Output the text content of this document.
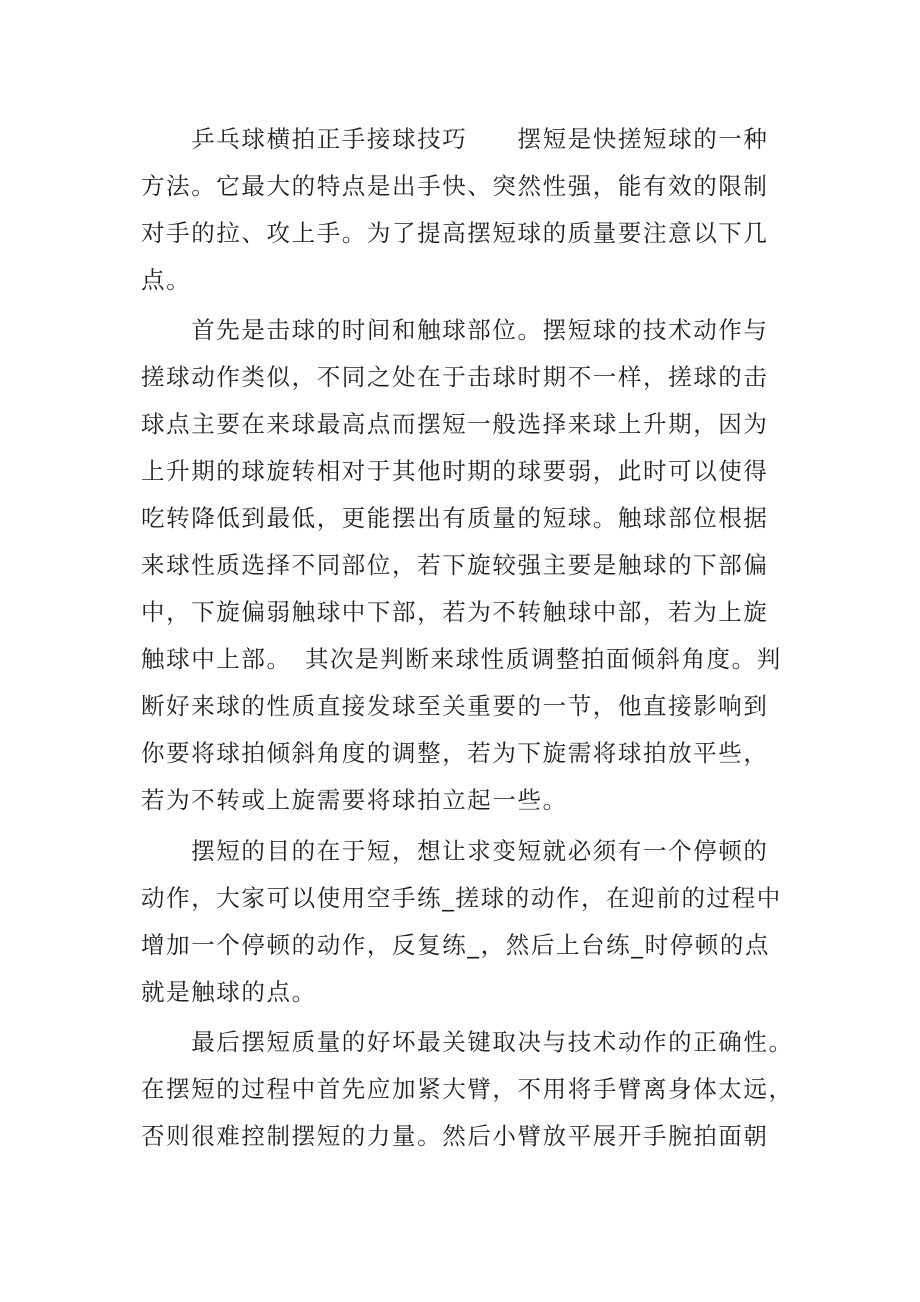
　　乒乓球横拍正手接球技巧　　摆短是快搓短球的一种
方法。它最大的特点是出手快、突然性强，能有效的限制
对手的拉、攻上手。为了提高摆短球的质量要注意以下几
点。
　　首先是击球的时间和触球部位。摆短球的技术动作与
搓球动作类似，不同之处在于击球时期不一样，搓球的击
球点主要在来球最高点而摆短一般选择来球上升期，因为
上升期的球旋转相对于其他时期的球要弱，此时可以使得
吃转降低到最低，更能摆出有质量的短球。触球部位根据
来球性质选择不同部位，若下旋较强主要是触球的下部偏
中，下旋偏弱触球中下部，若为不转触球中部，若为上旋
触球中上部。　其次是判断来球性质调整拍面倾斜角度。判
断好来球的性质直接发球至关重要的一节，他直接影响到
你要将球拍倾斜角度的调整，若为下旋需将球拍放平些，
若为不转或上旋需要将球拍立起一些。
　　摆短的目的在于短，想让求变短就必须有一个停顿的
动作，大家可以使用空手练_搓球的动作，在迎前的过程中
增加一个停顿的动作，反复练_，然后上台练_时停顿的点
就是触球的点。
　　最后摆短质量的好坏最关键取决与技术动作的正确性。
在摆短的过程中首先应加紧大臂，不用将手臂离身体太远，
否则很难控制摆短的力量。然后小臂放平展开手腕拍面朝
